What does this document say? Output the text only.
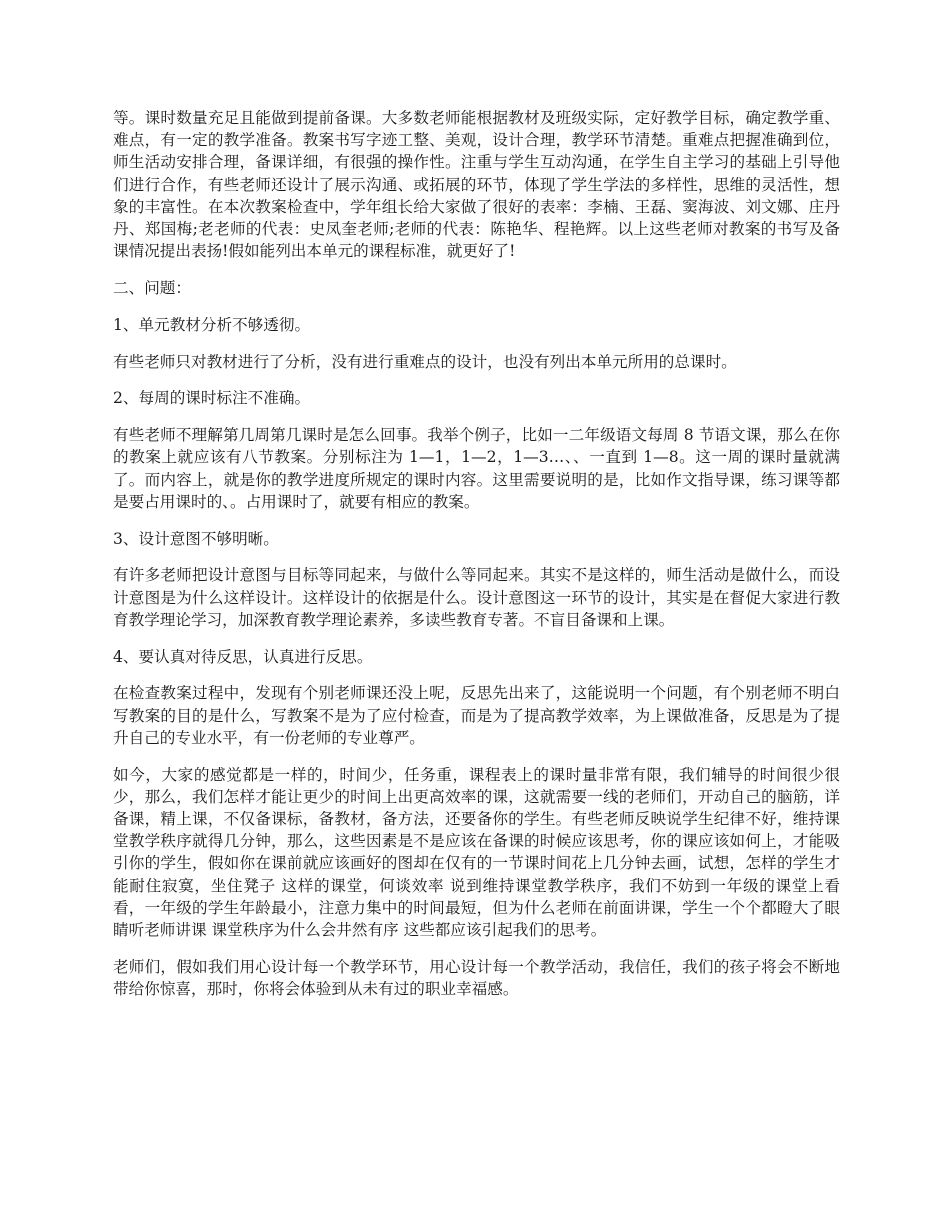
等。课时数量充足且能做到提前备课。大多数老师能根据教材及班级实际，定好教学目标，确定教学重、难点，有一定的教学准备。教案书写字迹工整、美观，设计合理，教学环节清楚。重难点把握准确到位，师生活动安排合理，备课详细，有很强的操作性。注重与学生互动沟通，在学生自主学习的基础上引导他们进行合作，有些老师还设计了展示沟通、或拓展的环节，体现了学生学法的多样性，思维的灵活性，想象的丰富性。在本次教案检查中，学年组长给大家做了很好的表率：李楠、王磊、窦海波、刘文娜、庄丹丹、郑国梅;老老师的代表：史凤奎老师;老师的代表：陈艳华、程艳辉。以上这些老师对教案的书写及备课情况提出表扬!假如能列出本单元的课程标准，就更好了!

二、问题：

1、单元教材分析不够透彻。

有些老师只对教材进行了分析，没有进行重难点的设计，也没有列出本单元所用的总课时。

2、每周的课时标注不准确。

有些老师不理解第几周第几课时是怎么回事。我举个例子，比如一二年级语文每周 8 节语文课，那么在你的教案上就应该有八节教案。分别标注为 1—1，1—2，1—3…、、一直到 1—8。这一周的课时量就满了。而内容上，就是你的教学进度所规定的课时内容。这里需要说明的是，比如作文指导课，练习课等都是要占用课时的、。占用课时了，就要有相应的教案。

3、设计意图不够明晰。

有许多老师把设计意图与目标等同起来，与做什么等同起来。其实不是这样的，师生活动是做什么，而设计意图是为什么这样设计。这样设计的依据是什么。设计意图这一环节的设计，其实是在督促大家进行教育教学理论学习，加深教育教学理论素养，多读些教育专著。不盲目备课和上课。

4、要认真对待反思，认真进行反思。

在检查教案过程中，发现有个别老师课还没上呢，反思先出来了，这能说明一个问题，有个别老师不明白写教案的目的是什么，写教案不是为了应付检查，而是为了提高教学效率，为上课做准备，反思是为了提升自己的专业水平，有一份老师的专业尊严。

如今，大家的感觉都是一样的，时间少，任务重，课程表上的课时量非常有限，我们辅导的时间很少很少，那么，我们怎样才能让更少的时间上出更高效率的课，这就需要一线的老师们，开动自己的脑筋，详备课，精上课，不仅备课标，备教材，备方法，还要备你的学生。有些老师反映说学生纪律不好，维持课堂教学秩序就得几分钟，那么，这些因素是不是应该在备课的时候应该思考，你的课应该如何上，才能吸引你的学生，假如你在课前就应该画好的图却在仅有的一节课时间花上几分钟去画，试想，怎样的学生才能耐住寂寞，坐住凳子 这样的课堂，何谈效率 说到维持课堂教学秩序，我们不妨到一年级的课堂上看看，一年级的学生年龄最小，注意力集中的时间最短，但为什么老师在前面讲课，学生一个个都瞪大了眼睛听老师讲课 课堂秩序为什么会井然有序 这些都应该引起我们的思考。

老师们，假如我们用心设计每一个教学环节，用心设计每一个教学活动，我信任，我们的孩子将会不断地带给你惊喜，那时，你将会体验到从未有过的职业幸福感。
